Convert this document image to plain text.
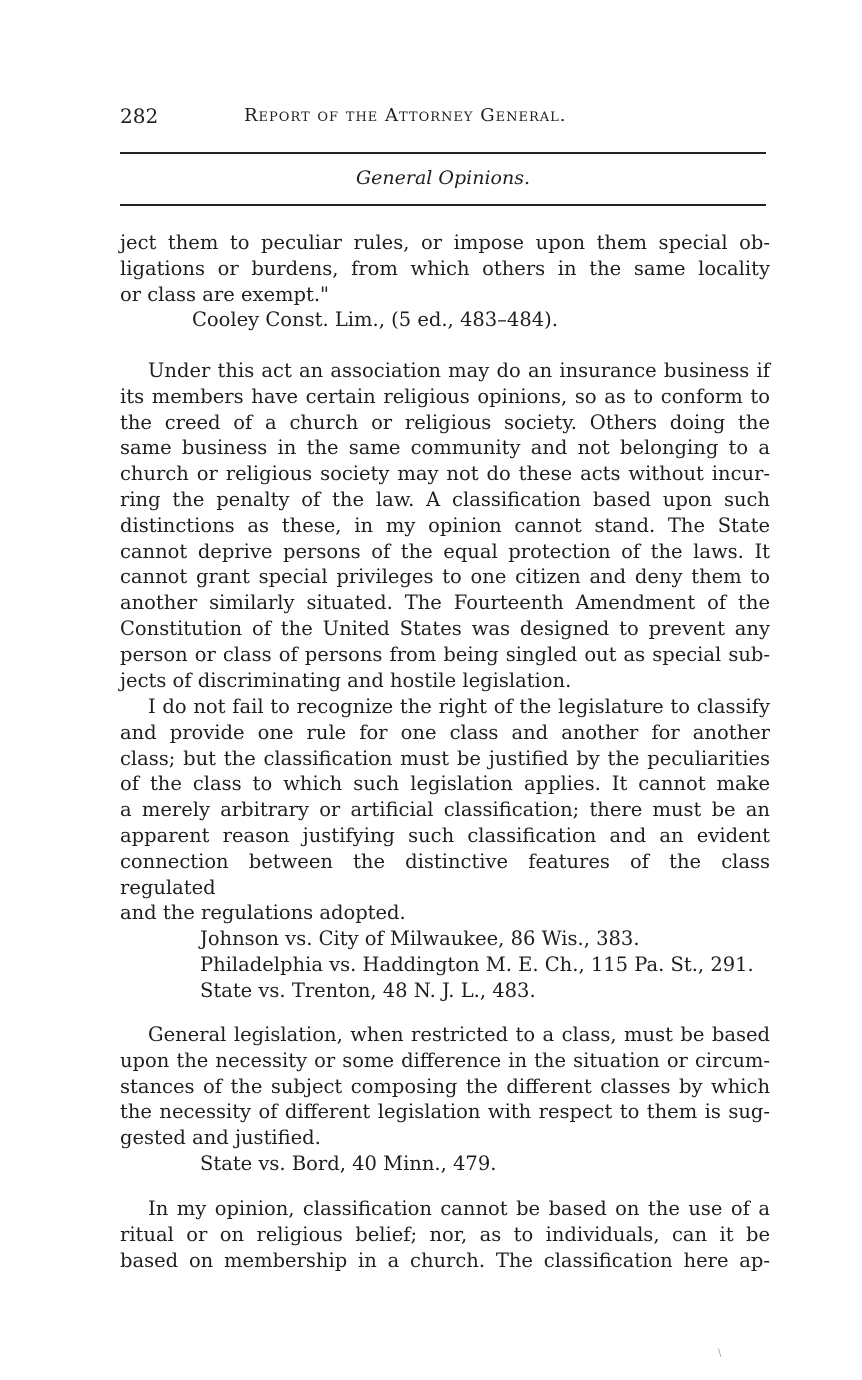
282	Report of the Attorney General.
General Opinions.
ject them to peculiar rules, or impose upon them special ob-
ligations or burdens, from which others in the same locality
or class are exempt."
Cooley Const. Lim., (5 ed., 483–484).
Under this act an association may do an insurance business if
its members have certain religious opinions, so as to conform to
the creed of a church or religious society. Others doing the
same business in the same community and not belonging to a
church or religious society may not do these acts without incur-
ring the penalty of the law. A classification based upon such
distinctions as these, in my opinion cannot stand. The State
cannot deprive persons of the equal protection of the laws. It
cannot grant special privileges to one citizen and deny them to
another similarly situated. The Fourteenth Amendment of the
Constitution of the United States was designed to prevent any
person or class of persons from being singled out as special sub-
jects of discriminating and hostile legislation.
I do not fail to recognize the right of the legislature to classify
and provide one rule for one class and another for another
class; but the classification must be justified by the peculiarities
of the class to which such legislation applies. It cannot make
a merely arbitrary or artificial classification; there must be an
apparent reason justifying such classification and an evident
connection between the distinctive features of the class regulated
and the regulations adopted.
Johnson vs. City of Milwaukee, 86 Wis., 383.
Philadelphia vs. Haddington M. E. Ch., 115 Pa. St., 291.
State vs. Trenton, 48 N. J. L., 483.
General legislation, when restricted to a class, must be based
upon the necessity or some difference in the situation or circum-
stances of the subject composing the different classes by which
the necessity of different legislation with respect to them is sug-
gested and justified.
State vs. Bord, 40 Minn., 479.
In my opinion, classification cannot be based on the use of a
ritual or on religious belief; nor, as to individuals, can it be
based on membership in a church. The classification here ap-
\
